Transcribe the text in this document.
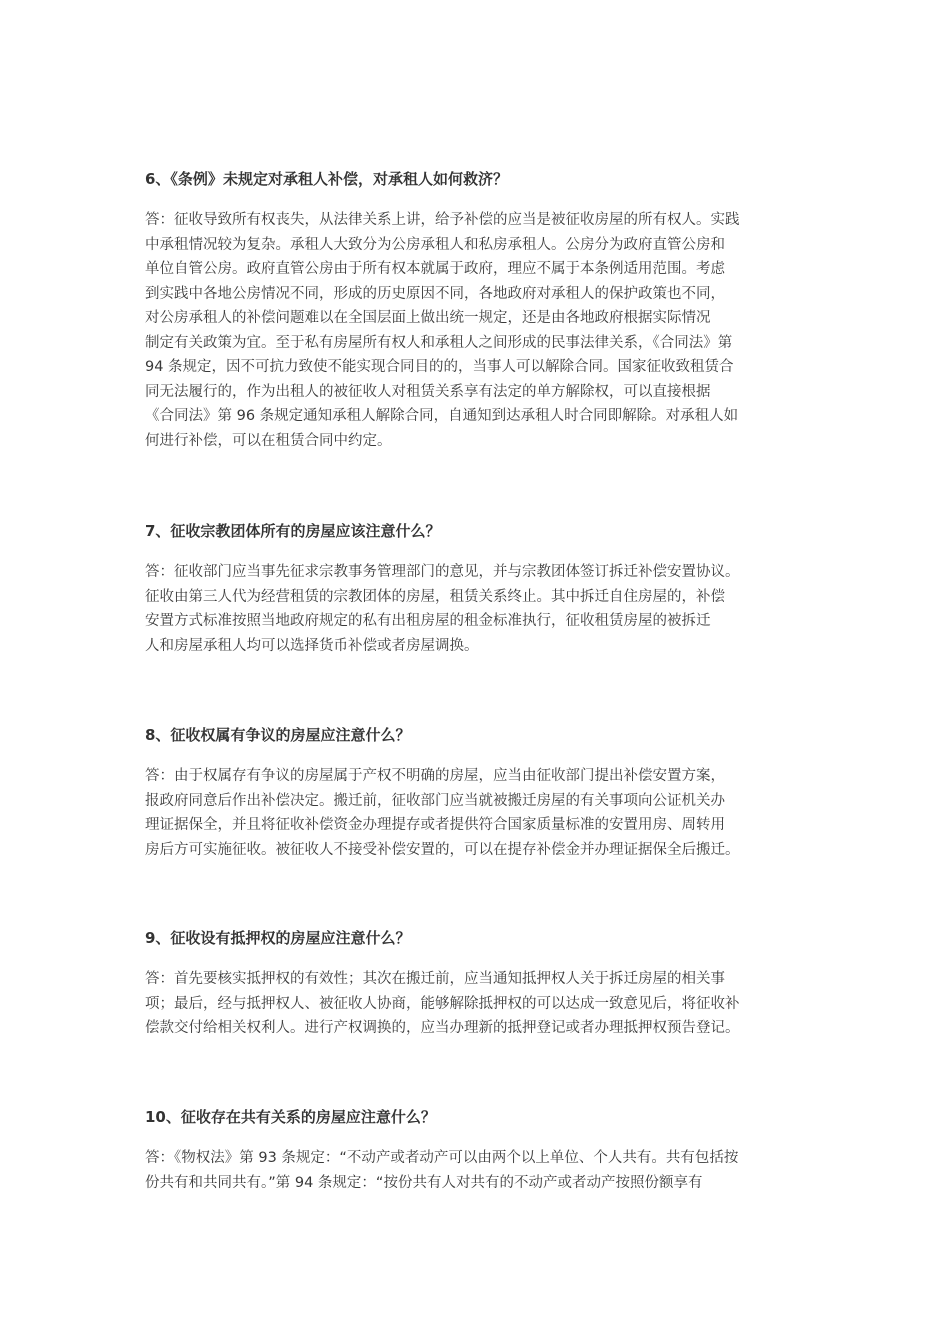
6、《条例》未规定对承租人补偿，对承租人如何救济？

答：征收导致所有权丧失，从法律关系上讲，给予补偿的应当是被征收房屋的所有权人。实践
中承租情况较为复杂。承租人大致分为公房承租人和私房承租人。公房分为政府直管公房和
单位自管公房。政府直管公房由于所有权本就属于政府，理应不属于本条例适用范围。考虑
到实践中各地公房情况不同，形成的历史原因不同，各地政府对承租人的保护政策也不同，
对公房承租人的补偿问题难以在全国层面上做出统一规定，还是由各地政府根据实际情况
制定有关政策为宜。至于私有房屋所有权人和承租人之间形成的民事法律关系，《合同法》第
94 条规定，因不可抗力致使不能实现合同目的的，当事人可以解除合同。国家征收致租赁合
同无法履行的，作为出租人的被征收人对租赁关系享有法定的单方解除权，可以直接根据
《合同法》第 96 条规定通知承租人解除合同，自通知到达承租人时合同即解除。对承租人如
何进行补偿，可以在租赁合同中约定。

7、征收宗教团体所有的房屋应该注意什么？

答：征收部门应当事先征求宗教事务管理部门的意见，并与宗教团体签订拆迁补偿安置协议。
征收由第三人代为经营租赁的宗教团体的房屋，租赁关系终止。其中拆迁自住房屋的，补偿
安置方式标准按照当地政府规定的私有出租房屋的租金标准执行，征收租赁房屋的被拆迁
人和房屋承租人均可以选择货币补偿或者房屋调换。

8、征收权属有争议的房屋应注意什么？

答：由于权属存有争议的房屋属于产权不明确的房屋，应当由征收部门提出补偿安置方案，
报政府同意后作出补偿决定。搬迁前，征收部门应当就被搬迁房屋的有关事项向公证机关办
理证据保全，并且将征收补偿资金办理提存或者提供符合国家质量标准的安置用房、周转用
房后方可实施征收。被征收人不接受补偿安置的，可以在提存补偿金并办理证据保全后搬迁。

9、征收设有抵押权的房屋应注意什么？

答：首先要核实抵押权的有效性；其次在搬迁前，应当通知抵押权人关于拆迁房屋的相关事
项；最后，经与抵押权人、被征收人协商，能够解除抵押权的可以达成一致意见后，将征收补
偿款交付给相关权利人。进行产权调换的，应当办理新的抵押登记或者办理抵押权预告登记。

10、征收存在共有关系的房屋应注意什么？

答：《物权法》第 93 条规定：“不动产或者动产可以由两个以上单位、个人共有。共有包括按
份共有和共同共有。”第 94 条规定：“按份共有人对共有的不动产或者动产按照份额享有
